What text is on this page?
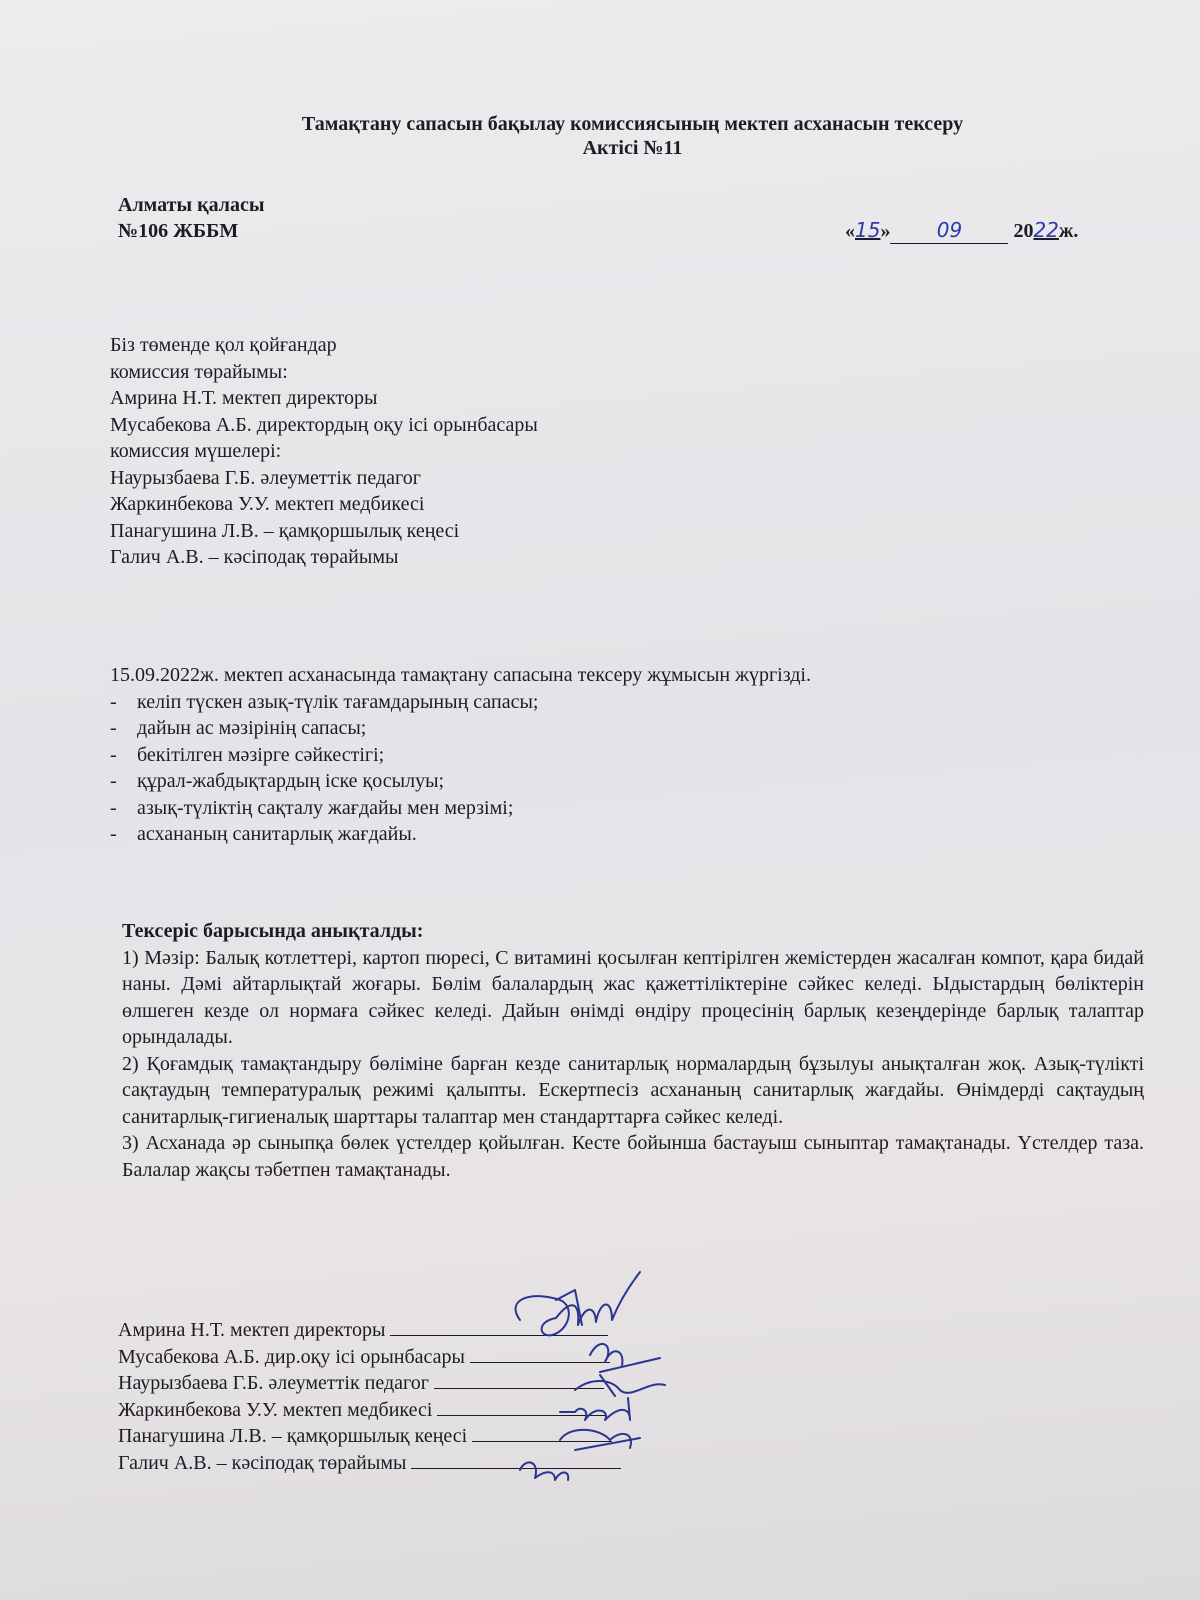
Тамақтану сапасын бақылау комиссиясының мектеп асханасын тексеру
Актісі №11
Алматы қаласы
№106 ЖББМ	«15» 09	2022ж.
Біз төменде қол қойғандар
комиссия төрайымы:
Амрина Н.Т. мектеп директоры
Мусабекова А.Б. директордың оқу ісі орынбасары
комиссия мүшелері:
Наурызбаева Г.Б. әлеуметтік педагог
Жаркинбекова У.У. мектеп медбикесі
Панагушина Л.В. – қамқоршылық кеңесі
Галич А.В. – кәсіподақ төрайымы
15.09.2022ж. мектеп асханасында тамақтану сапасына тексеру жұмысын жүргізді.
- келіп түскен азық-түлік тағамдарының сапасы;
- дайын ас мәзірінің сапасы;
- бекітілген мәзірге сәйкестігі;
- құрал-жабдықтардың іске қосылуы;
- азық-түліктің сақталу жағдайы мен мерзімі;
- асхананың санитарлық жағдайы.
Тексеріс барысында анықталды:

1) Мәзір: Балық котлеттері, картоп пюресі, С витамині қосылған кептірілген жемістерден жасалған компот, қара бидай наны. Дәмі айтарлықтай жоғары. Бөлім балалардың жас қажеттіліктеріне сәйкес келеді. Ыдыстардың бөліктерін өлшеген кезде ол нормаға сәйкес келеді. Дайын өнімді өндіру процесінің барлық кезеңдерінде барлық талаптар орындалады.

2) Қоғамдық тамақтандыру бөліміне барған кезде санитарлық нормалардың бұзылуы анықталған жоқ. Азық-түлікті сақтаудың температуралық режимі қалыпты. Ескертпесіз асхананың санитарлық жағдайы. Өнімдерді сақтаудың санитарлық-гигиеналық шарттары талаптар мен стандарттарға сәйкес келеді.

3) Асханада әр сыныпқа бөлек үстелдер қойылған. Кесте бойынша бастауыш сыныптар тамақтанады. Үстелдер таза. Балалар жақсы тәбетпен тамақтанады.

Амрина Н.Т. мектеп директоры
Мусабекова А.Б. дир.оқу ісі орынбасары
Наурызбаева Г.Б. әлеуметтік педагог
Жаркинбекова У.У. мектеп медбикесі
Панагушина Л.В. – қамқоршылық кеңесі
Галич А.В. – кәсіподақ төрайымы
